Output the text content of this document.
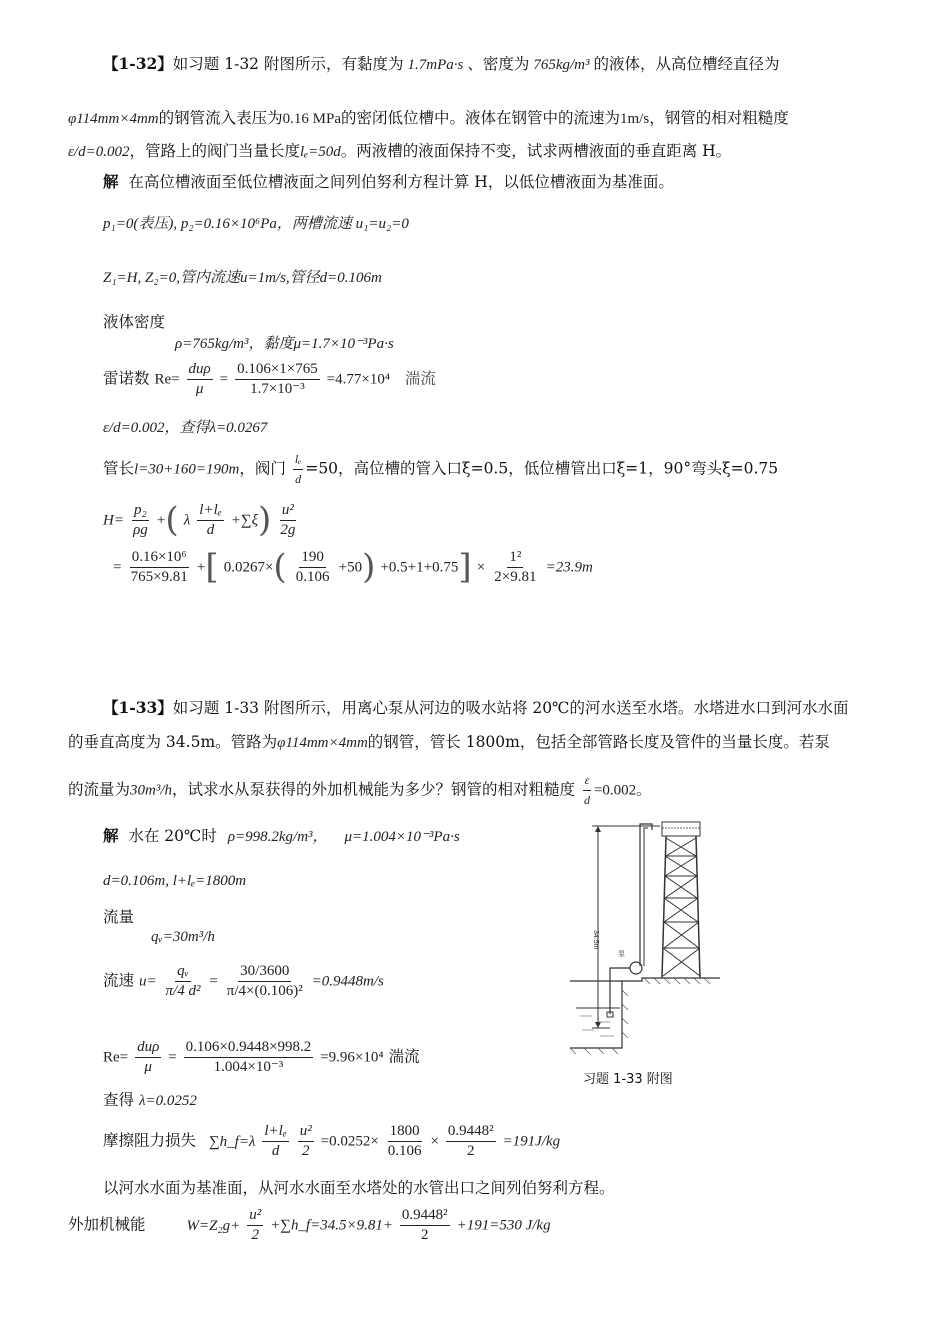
【1-32】如习题 1-32 附图所示，有黏度为 1.7mPa·s 、密度为 765kg/m³ 的液体，从高位槽经直径为
φ114mm×4mm的钢管流入表压为0.16 MPa的密闭低位槽中。液体在钢管中的流速为1m/s，钢管的相对粗糙度
ε/d=0.002，管路上的阀门当量长度lₑ=50d。两液槽的液面保持不变，试求两槽液面的垂直距离 H。
解 在高位槽液面至低位槽液面之间列伯努利方程计算 H，以低位槽液面为基准面。
p₁=0(表压), p₂=0.16×10⁶Pa，两槽流速 u₁=u₂=0
Z₁=H, Z₂=0,管内流速u=1m/s,管径d=0.106m
液体密度
ρ=765kg/m³，黏度μ=1.7×10⁻³Pa·s
雷诺数 $Re= \frac{\text{duρ}}{\mu} = \frac{0.106\times 1\times 765}{\text{1.7×10⁻³}} =4.77\times 10^4$ 湍流
ε/d=0.002，查得λ=0.0267
管长l=30+160=190m，阀门 $\frac{\text{lₑ}}{d} =50$，高位槽的管入口ξ=0.5，低位槽管出口ξ=1，90°弯头ξ=0.75
$H= \frac{\text{p₂}}{\rho g}$ +( λ $\frac{\text{l+lₑ}}{d} +\sum\xi) \frac{\text{u²}}{2g}$
= $\frac{\text{0.16×10⁶}}{765\times 9.81}$ +[ $0.0267\times( \frac{190}{0.106} +50) +0.5+1+0.75] \times \frac{\text{1²}}{2\times 9.81} =23.9m$
【1-33】如习题 1-33 附图所示，用离心泵从河边的吸水站将 20℃的河水送至水塔。水塔进水口到河水水面
的垂直高度为 34.5m。管路为φ114mm×4mm的钢管，管长 1800m，包括全部管路长度及管件的当量长度。若泵
的流量为30m³/h，试求水从泵获得的外加机械能为多少？钢管的相对粗糙度 $\frac{\varepsilon}{d} =0.002$。
解 水在 20℃时 ρ=998.2kg/m³， μ=1.004×10⁻³Pa·s
d=0.106m, l+lₑ=1800m
流量
qᵥ=30m³/h
流速 $u= \frac{\text{qᵥ}}{\text{π/4 d²}} = \frac{30/3600}{\text{π/4×(0.106)²}} =0.9448m/s$
$Re= \frac{\text{duρ}}{\mu} = \frac{0.106\times 0.9448\times 998.2}{\text{1.004×10⁻³}} =9.96\times 10^4$ 湍流
查得 λ=0.0252
摩擦阻力损失 ∑h_f=λ $\frac{\text{l+lₑ}}{d}$
$\frac{\text{u²}}{2} =0.0252\times \frac{1800}{0.106} \times \frac{\text{0.9448²}}{2} =191J/kg$
以河水水面为基准面，从河水水面至水塔处的水管出口之间列伯努利方程。
外加机械能	$W=Z_2g+ \frac{\text{u²}}{2}$ +∑h_f=34.5×9.81+ $\frac{\text{0.9448²}}{2} +191=530$ J/kg
34.5m
泵
习题 1-33 附图
